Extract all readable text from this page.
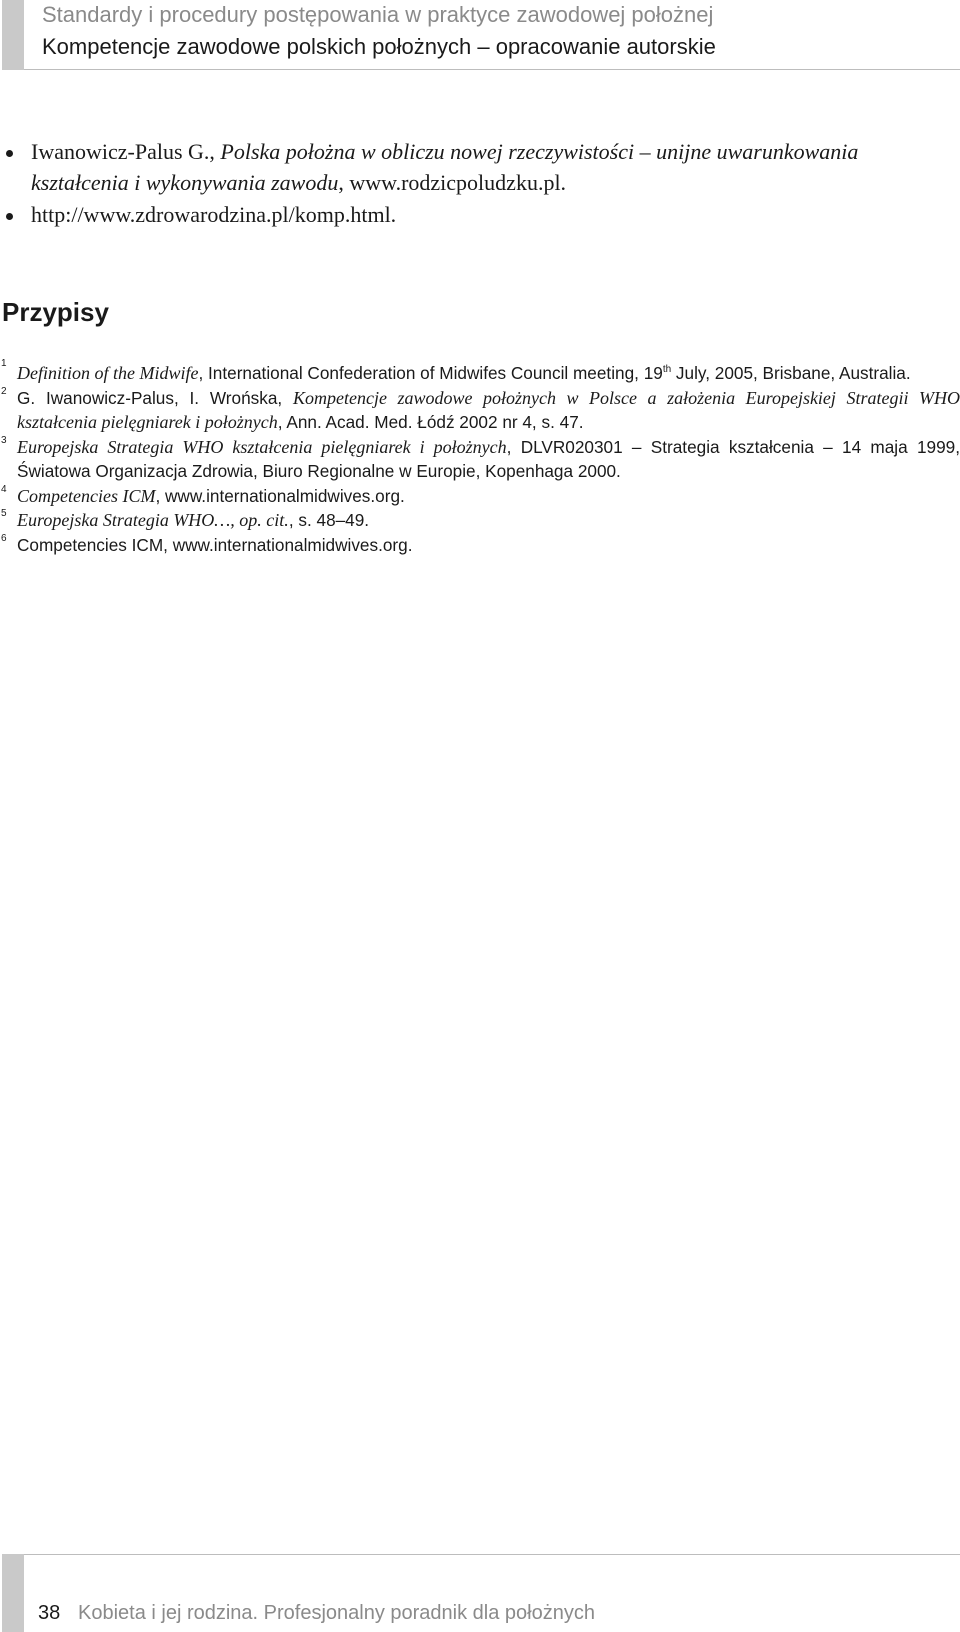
Standardy i procedury postępowania w praktyce zawodowej położnej
Kompetencje zawodowe polskich położnych – opracowanie autorskie
Iwanowicz-Palus G., Polska położna w obliczu nowej rzeczywistości – unijne uwarunkowania kształcenia i wykonywania zawodu, www.rodzicpoludzku.pl.
http://www.zdrowarodzina.pl/komp.html.
Przypisy
1 Definition of the Midwife, International Confederation of Midwifes Council meeting, 19th July, 2005, Brisbane, Australia.
2 G. Iwanowicz-Palus, I. Wrońska, Kompetencje zawodowe położnych w Polsce a założenia Europejskiej Strategii WHO kształcenia pielęgniarek i położnych, Ann. Acad. Med. Łódź 2002 nr 4, s. 47.
3 Europejska Strategia WHO kształcenia pielęgniarek i położnych, DLVR020301 – Strategia kształcenia – 14 maja 1999, Światowa Organizacja Zdrowia, Biuro Regionalne w Europie, Kopenhaga 2000.
4 Competencies ICM, www.internationalmidwives.org.
5 Europejska Strategia WHO…, op. cit., s. 48–49.
6 Competencies ICM, www.internationalmidwives.org.
38 Kobieta i jej rodzina. Profesjonalny poradnik dla położnych
